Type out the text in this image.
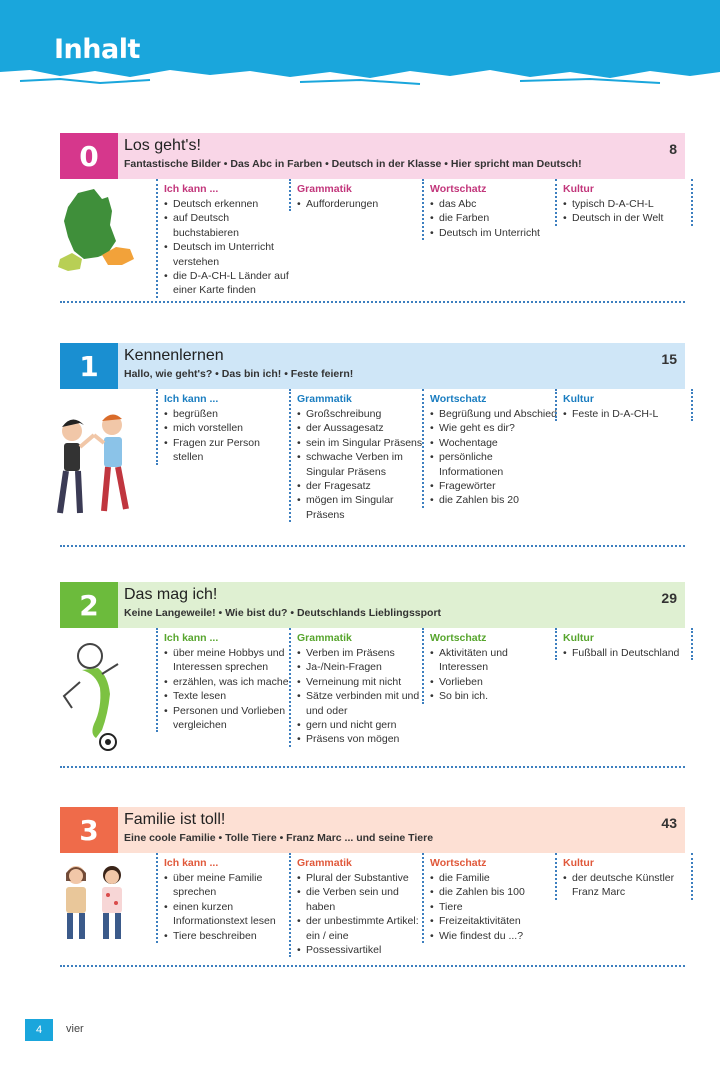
Inhalt
0	Los geht's!
Fantastische Bilder • Das Abc in Farben • Deutsch in der Klasse • Hier spricht man Deutsch!
8
Ich kann ...
• Deutsch erkennen
• auf Deutsch buchstabieren
• Deutsch im Unterricht verstehen
• die D-A-CH-L Länder auf einer Karte finden
Grammatik
• Aufforderungen
Wortschatz
• das Abc
• die Farben
• Deutsch im Unterricht
Kultur
• typisch D-A-CH-L
• Deutsch in der Welt
1	Kennenlernen
Hallo, wie geht's? • Das bin ich! • Feste feiern!
15
Ich kann ...
• begrüßen
• mich vorstellen
• Fragen zur Person stellen
Grammatik
• Großschreibung
• der Aussagesatz
• sein im Singular Präsens
• schwache Verben im Singular Präsens
• der Fragesatz
• mögen im Singular Präsens
Wortschatz
• Begrüßung und Abschied
• Wie geht es dir?
• Wochentage
• persönliche Informationen
• Fragewörter
• die Zahlen bis 20
Kultur
• Feste in D-A-CH-L
2	Das mag ich!
Keine Langeweile! • Wie bist du? • Deutschlands Lieblingssport
29
Ich kann ...
• über meine Hobbys und Interessen sprechen
• erzählen, was ich mache
• Texte lesen
• Personen und Vorlieben vergleichen
Grammatik
• Verben im Präsens
• Ja-/Nein-Fragen
• Verneinung mit nicht
• Sätze verbinden mit und und oder
• gern und nicht gern
• Präsens von mögen
Wortschatz
• Aktivitäten und Interessen
• Vorlieben
• So bin ich.
Kultur
• Fußball in Deutschland
3	Familie ist toll!
Eine coole Familie • Tolle Tiere • Franz Marc ... und seine Tiere
43
Ich kann ...
• über meine Familie sprechen
• einen kurzen Informationstext lesen
• Tiere beschreiben
Grammatik
• Plural der Substantive
• die Verben sein und haben
• der unbestimmte Artikel: ein / eine
• Possessivartikel
Wortschatz
• die Familie
• die Zahlen bis 100
• Tiere
• Freizeitaktivitäten
• Wie findest du ...?
Kultur
• der deutsche Künstler Franz Marc
4	vier
